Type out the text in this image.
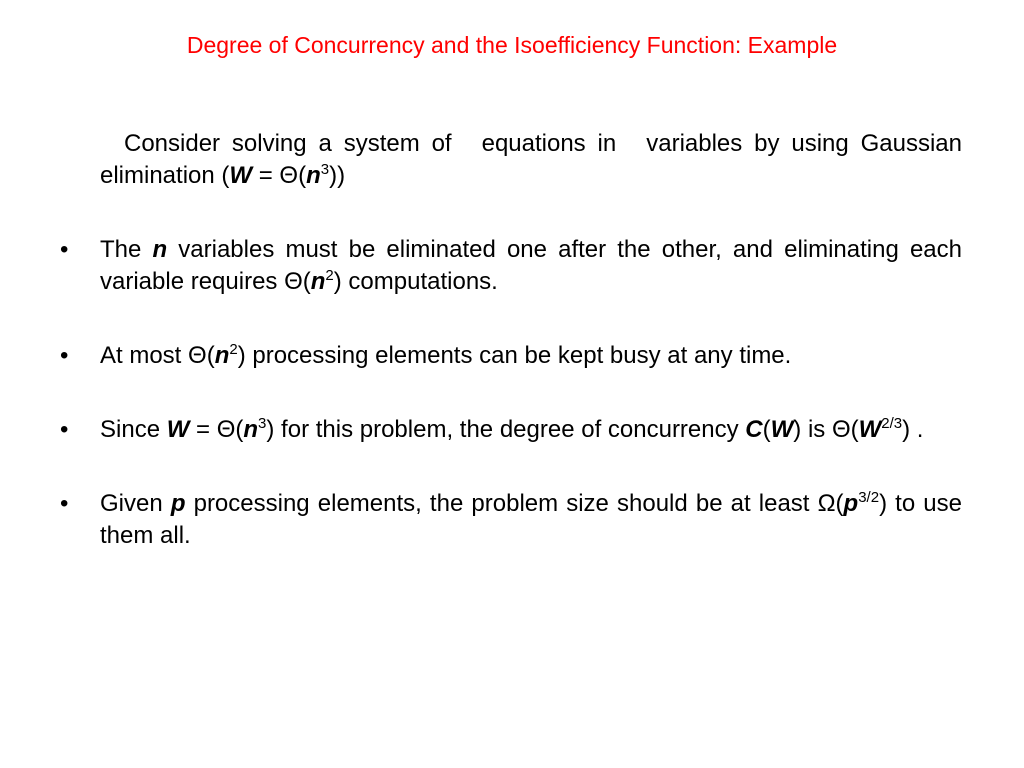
Degree of Concurrency and the Isoefficiency Function: Example

Consider solving a system of equations in variables by using Gaussian elimination $(W = \Theta(n^3))$

• The n variables must be eliminated one after the other, and eliminating each variable requires $\Theta(n^2)$ computations.

• At most $\Theta(n^2)$ processing elements can be kept busy at any time.

• Since $W = \Theta(n^3)$ for this problem, the degree of concurrency C(W) is $\Theta(W^{2/3})$ .

• Given p processing elements, the problem size should be at least $\Omega(p^{3/2})$ to use them all.
